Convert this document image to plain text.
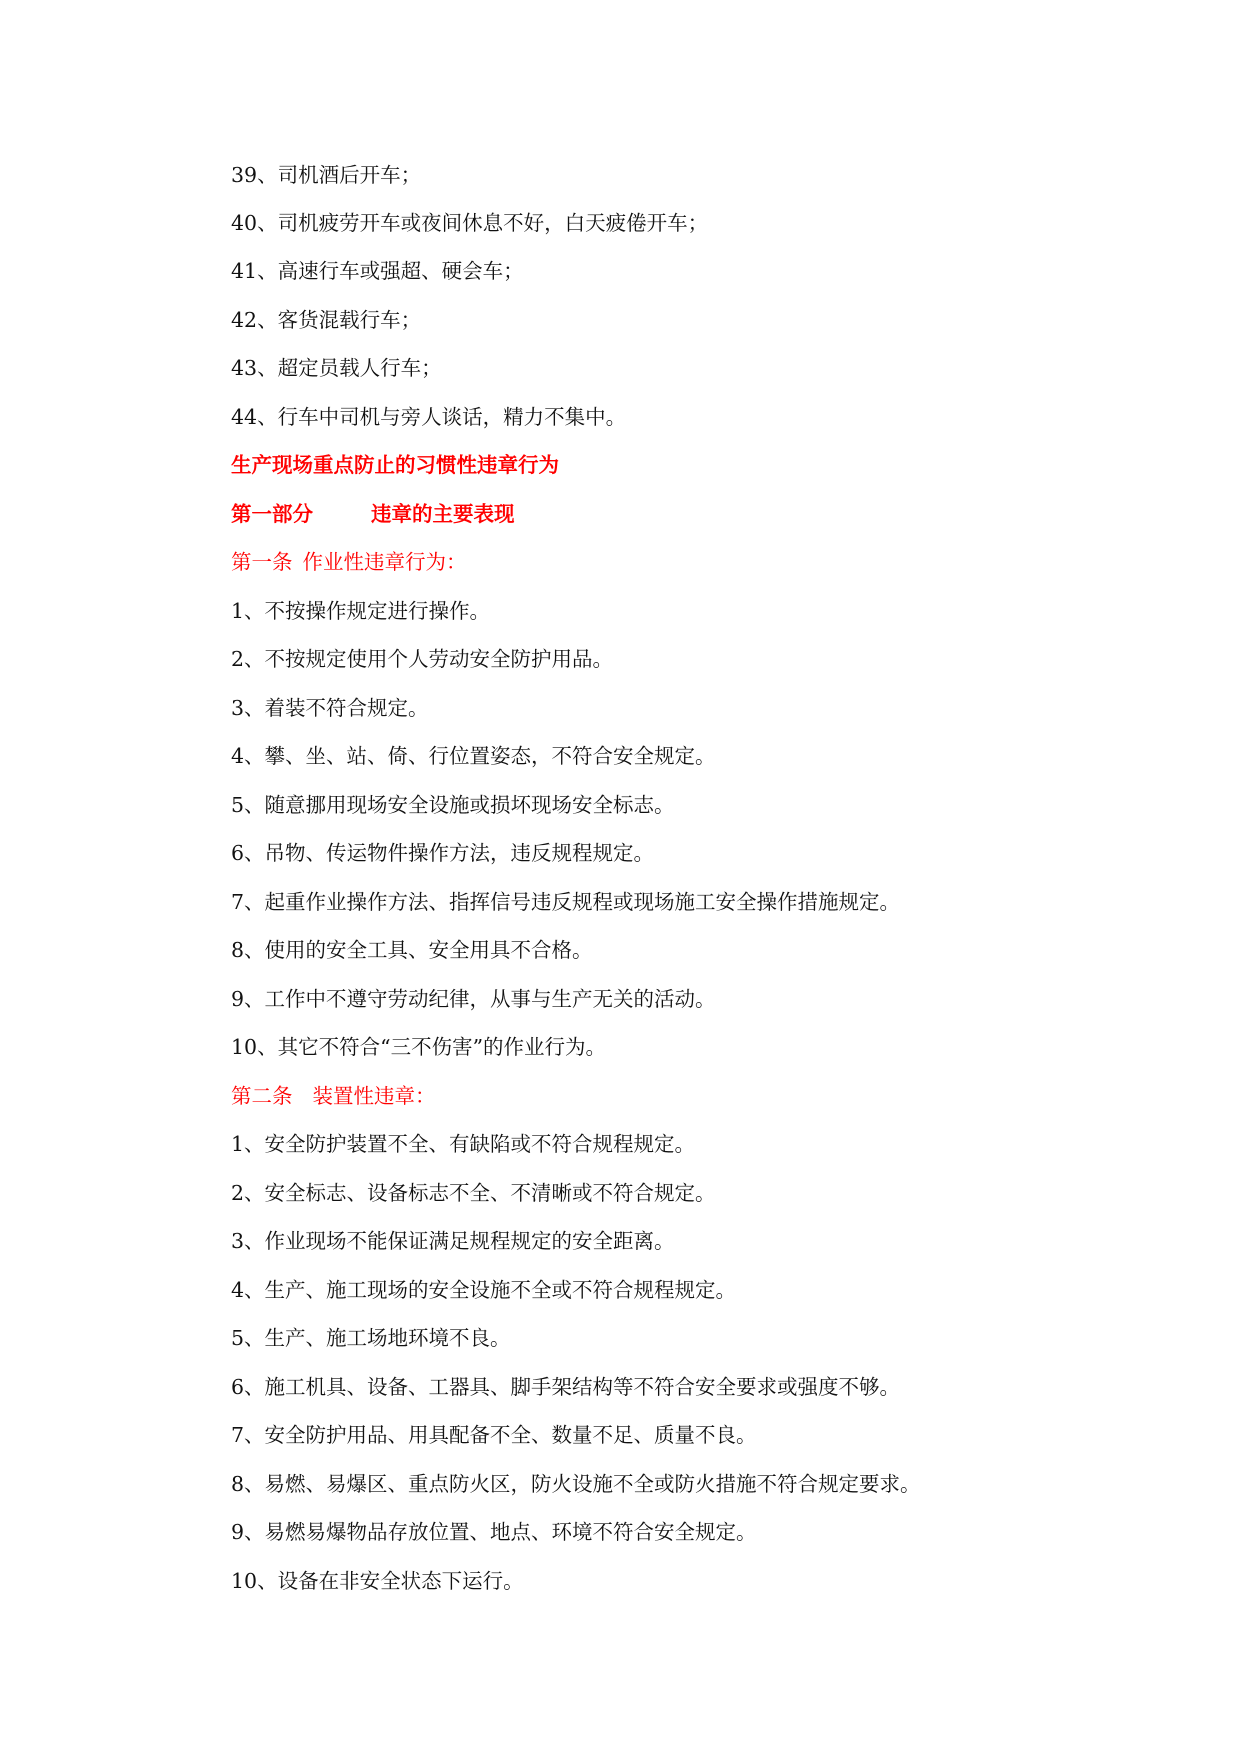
39、司机酒后开车；
40、司机疲劳开车或夜间休息不好，白天疲倦开车；
41、高速行车或强超、硬会车；
42、客货混载行车；
43、超定员载人行车；
44、行车中司机与旁人谈话，精力不集中。
生产现场重点防止的习惯性违章行为
第一部分	违章的主要表现
第一条 作业性违章行为：
1、不按操作规定进行操作。
2、不按规定使用个人劳动安全防护用品。
3、着装不符合规定。
4、攀、坐、站、倚、行位置姿态，不符合安全规定。
5、随意挪用现场安全设施或损坏现场安全标志。
6、吊物、传运物件操作方法，违反规程规定。
7、起重作业操作方法、指挥信号违反规程或现场施工安全操作措施规定。
8、使用的安全工具、安全用具不合格。
9、工作中不遵守劳动纪律，从事与生产无关的活动。
10、其它不符合“三不伤害”的作业行为。
第二条 装置性违章：
1、安全防护装置不全、有缺陷或不符合规程规定。
2、安全标志、设备标志不全、不清晰或不符合规定。
3、作业现场不能保证满足规程规定的安全距离。
4、生产、施工现场的安全设施不全或不符合规程规定。
5、生产、施工场地环境不良。
6、施工机具、设备、工器具、脚手架结构等不符合安全要求或强度不够。
7、安全防护用品、用具配备不全、数量不足、质量不良。
8、易燃、易爆区、重点防火区，防火设施不全或防火措施不符合规定要求。
9、易燃易爆物品存放位置、地点、环境不符合安全规定。
10、设备在非安全状态下运行。
